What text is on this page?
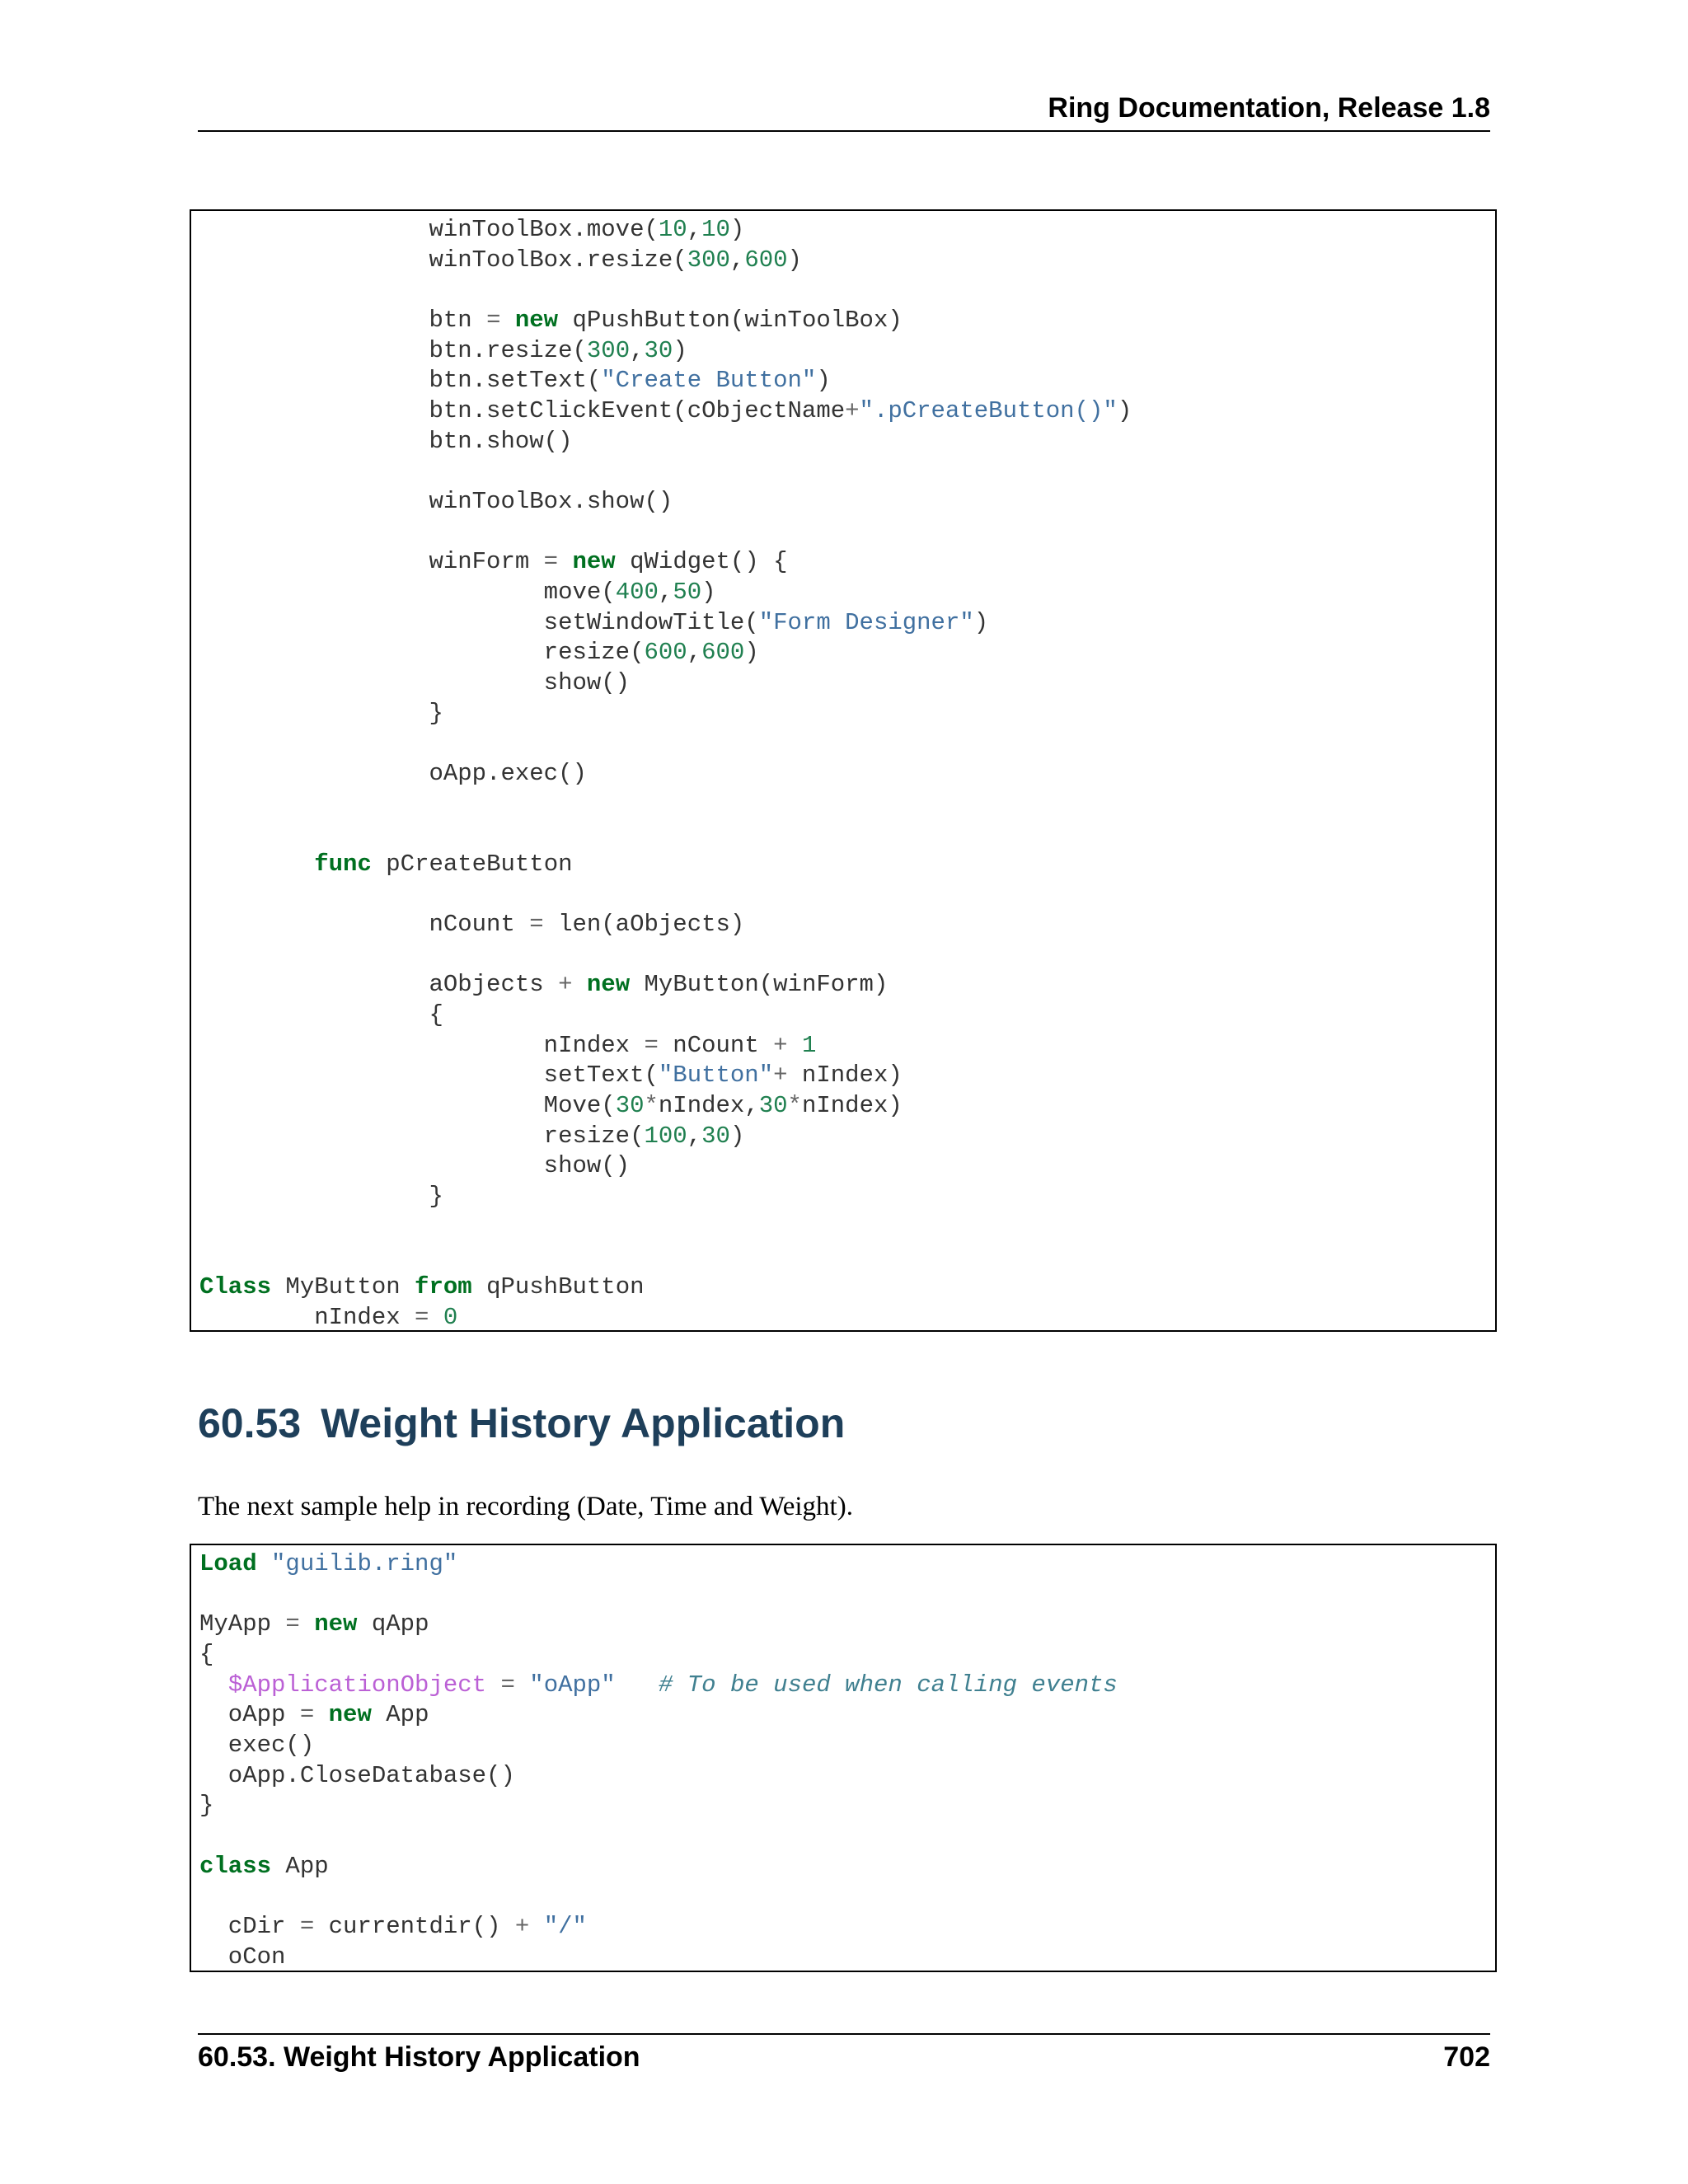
Ring Documentation, Release 1.8
winToolBox.move(10,10)
winToolBox.resize(300,600)

btn = new qPushButton(winToolBox)
btn.resize(300,30)
btn.setText("Create Button")
btn.setClickEvent(cObjectName+".pCreateButton()")
btn.show()

winToolBox.show()

winForm = new qWidget() {
move(400,50)
setWindowTitle("Form Designer")
resize(600,600)
show()
}

oApp.exec()

func pCreateButton

nCount = len(aObjects)

aObjects + new MyButton(winForm)
{
nIndex = nCount + 1
setText("Button"+ nIndex)
Move(30*nIndex,30*nIndex)
resize(100,30)
show()
}

Class MyButton from qPushButton
nIndex = 0
60.53 Weight History Application
The next sample help in recording (Date, Time and Weight).
Load "guilib.ring"

MyApp = new qApp
{
$ApplicationObject = "oApp" # To be used when calling events
oApp = new App
exec()
oApp.CloseDatabase()
}

class App

cDir = currentdir() + "/"
oCon
60.53. Weight History Application	702
